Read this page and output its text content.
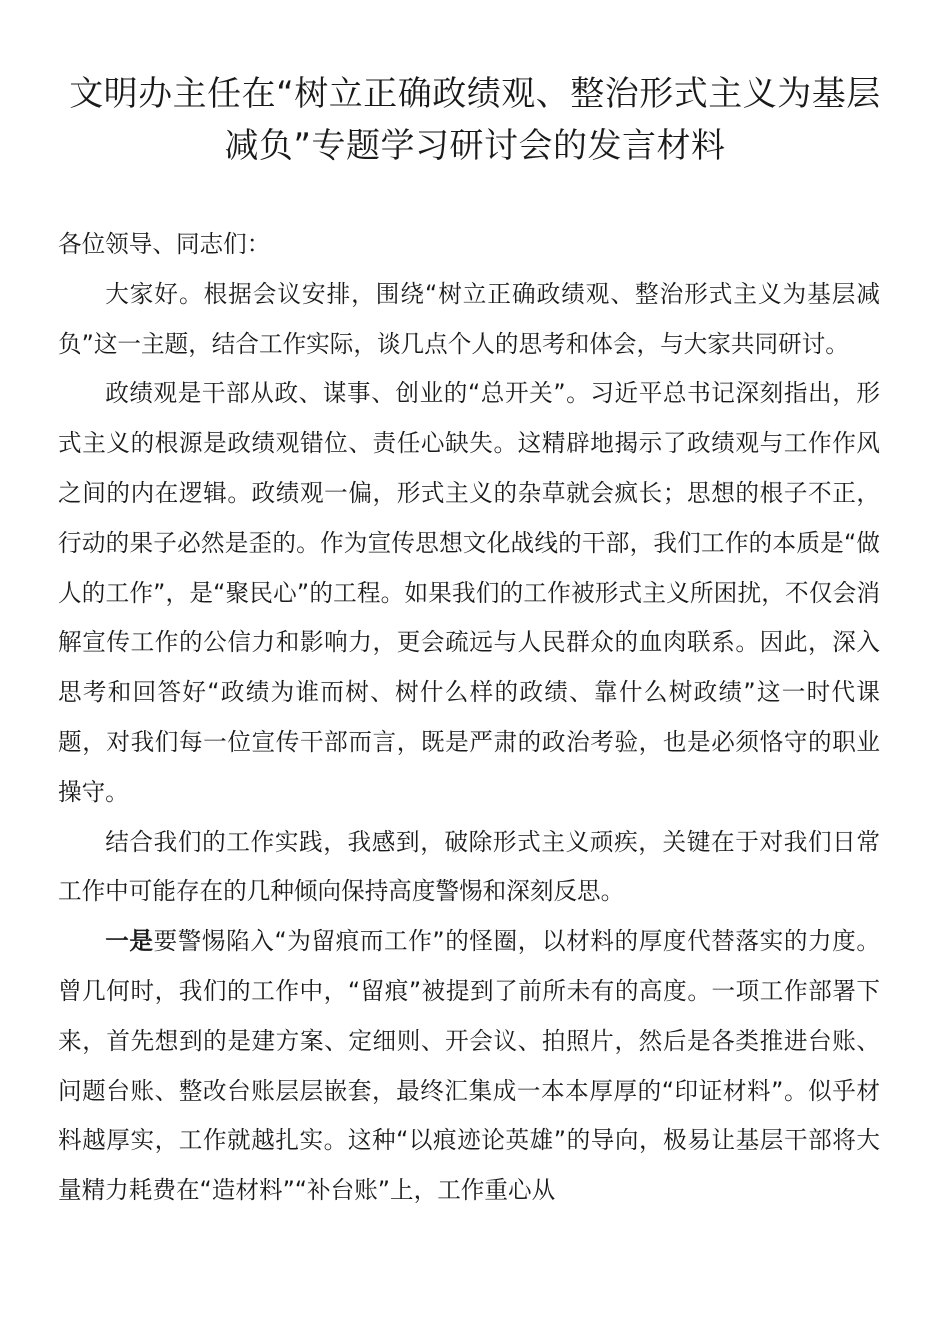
文明办主任在“树立正确政绩观、整治形式主义为基层减负”专题学习研讨会的发言材料

各位领导、同志们：

大家好。根据会议安排，围绕“树立正确政绩观、整治形式主义为基层减负”这一主题，结合工作实际，谈几点个人的思考和体会，与大家共同研讨。

政绩观是干部从政、谋事、创业的“总开关”。习近平总书记深刻指出，形式主义的根源是政绩观错位、责任心缺失。这精辟地揭示了政绩观与工作作风之间的内在逻辑。政绩观一偏，形式主义的杂草就会疯长；思想的根子不正，行动的果子必然是歪的。作为宣传思想文化战线的干部，我们工作的本质是“做人的工作”，是“聚民心”的工程。如果我们的工作被形式主义所困扰，不仅会消解宣传工作的公信力和影响力，更会疏远与人民群众的血肉联系。因此，深入思考和回答好“政绩为谁而树、树什么样的政绩、靠什么树政绩”这一时代课题，对我们每一位宣传干部而言，既是严肃的政治考验，也是必须恪守的职业操守。

结合我们的工作实践，我感到，破除形式主义顽疾，关键在于对我们日常工作中可能存在的几种倾向保持高度警惕和深刻反思。

一是要警惕陷入“为留痕而工作”的怪圈，以材料的厚度代替落实的力度。曾几何时，我们的工作中，“留痕”被提到了前所未有的高度。一项工作部署下来，首先想到的是建方案、定细则、开会议、拍照片，然后是各类推进台账、问题台账、整改台账层层嵌套，最终汇集成一本本厚厚的“印证材料”。似乎材料越厚实，工作就越扎实。这种“以痕迹论英雄”的导向，极易让基层干部将大量精力耗费在“造材料”“补台账”上，工作重心从
